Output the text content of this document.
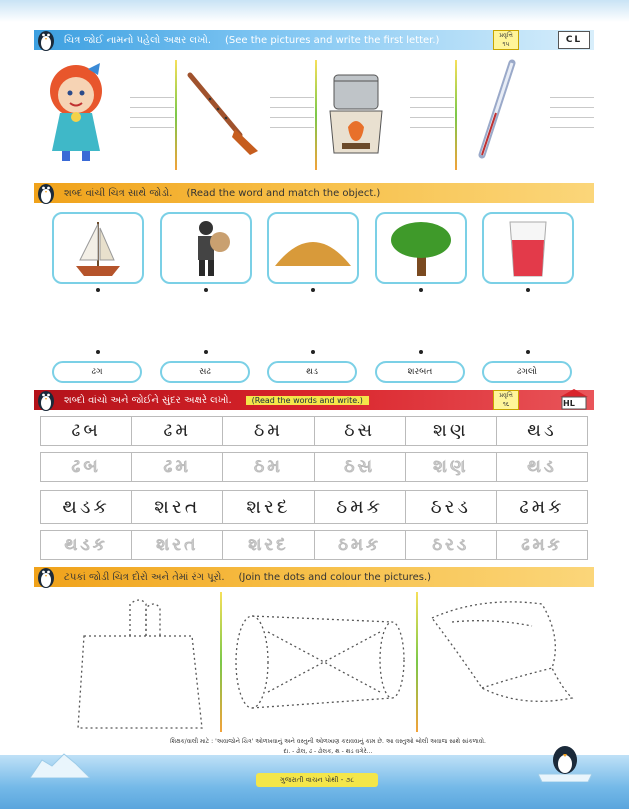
ચિત્ર જોઈ નામનો પહેલો અક્ષર લખો. (See the pictures and write the first letter.)	પ્રવૃત્તિ
૧૫	CL
શબ્દ વાંચી ચિત્ર સાથે જોડો. (Read the word and match the object.)
ઢગ	સઢ	થડ	શરબત	ઢગલો
શબ્દો વાંચો અને જોઈને સુંદર અક્ષરે લખો.	(Read the words and write.)	પ્રવૃત્તિ
૧૬	HL
ઢબ	ઢમ	ઠમ	ઠસ	શણ	થડ
ઢબ	ઢમ	ઠમ	ઠસ	શણ	થડ
થડક	શરત	શરદ	ઠમક	ઠરડ	ઢમક
થડક	શરત	શરદ	ઠમક	ઠરડ	ઢમક
ટપકાં જોડી ચિત્ર દોરો અને તેમાં રંગ પૂરો. (Join the dots and colour the pictures.)
શિક્ષક/વાલી માટે : 'અવાજોને ચિત્ર' ઓળખવાનું અને વસ્તુની ઓળખાણ કરાવવાનું કામ છે. આ વસ્તુઓ બોલી અવાજ સાથે સાંકળાવો.
દા. - ઢોલ, ઢ - ઢોલક, થ - થડ વગેરે...
ગુજરાતી વાચન પોથી - ૭૮
